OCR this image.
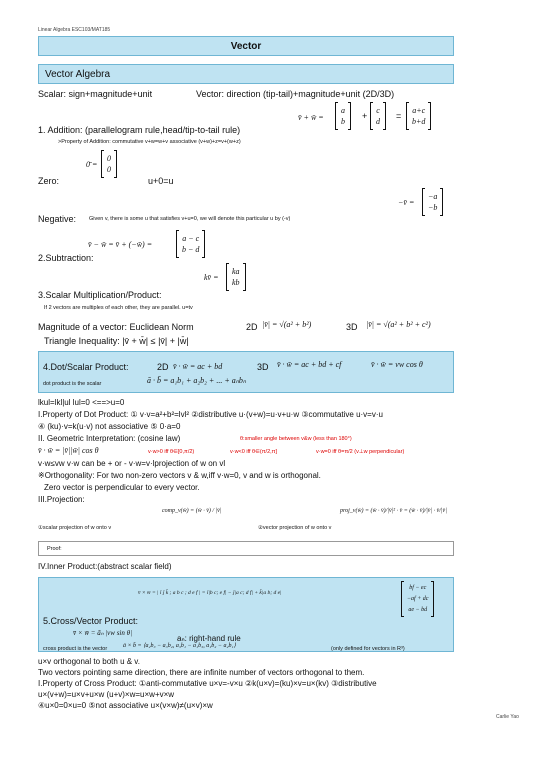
Linear Algebra ESC103/MAT185
Vector
Vector Algebra
Scalar: sign+magnitude+unit	Vector: direction (tip-tail)+magnitude+unit (2D/3D)
v̄ + w̄ =
a
b
+
c
d
=
a+c
b+d
1. Addition: (parallelogram rule,head/tip-to-tail rule)
>Property of Addition: commutative v+w=w+v associative (v+w)+z=v+(w+z)
0̄ =
0
0
Zero:	u+0=u
−v̄ =
−a
−b
Negative: Given v, there is some u that satisfies v+u=0, we will denote this particular u by (-v)
v̄ − w̄ = v̄ + (−w̄) =
a − c
b − d
2.Subtraction:
kv̄ =
ka
kb
3.Scalar Multiplication/Product:
If 2 vectors are multiples of each other, they are parallel. u=tv
Magnitude of a vector: Euclidean Norm	2D |v̄| = √(a² + b²)	3D |v̄| = √(a² + b² + c²)
Triangle Inequality: |v̄ + w̄| ≤ |v̄| + |w̄|
4.Dot/Scalar Product:	2D v̄ · w̄ = ac + bd	3D v̄ · w̄ = ac + bd + cf	v̄ · w̄ = vw cos θ
dot product is the scalar	ā · b̄ = a₁b₁ + a₂b₂ + ... + aₙbₙ
lkul=lkl|ul lul=0 <==>u=0
I.Property of Dot Product: ① v·v=a²+b²=lvl² ②distributive u·(v+w)=u·v+u·w ③commutative u·v=v·u
④ (ku)·v=k(u·v) not associative ⑤ 0·a=0
II. Geometric Interpretation: (cosine law)	θ:smaller angle between v&w (less than 180°)
v̄ · w̄ = |v̄||w̄| cos θ	v·w>0 iff θ∈[0,π/2)	v·w<0 iff θ∈(π/2,π]	v·w=0 iff θ=π/2 (v⊥w perpendicular)
v·w≤vw v·w can be + or - v·w=v·lprojection of w on vl
※Orthogonality: For two non-zero vectors v & w,iff v·w=0, v and w is orthogonal.
Zero vector is perpendicular to every vector.
III.Projection:
comp_v(w̄) = (w̄ · v̄) / |v̄|
①scalar projection of w onto v	②vector projection of w onto v
proj_v(w̄) = (w̄ · v̄)/|v̄|² · v̄ = (w̄ · v̄)/|v̄| · v̄/|v̄|
Proof:
IV.Inner Product:(abstract scalar field)
v̄ × w̄ = | î ĵ k̂ ; a b c ; d e f | = î|b c; e f| − ĵ|a c; d f| + k̂|a b; d e|
bf − ec
−af + dc
ae − bd
5.Cross/Vector Product:
v̄ × w̄ = āₙ |vw sin θ|
aₙ: right-hand rule
cross product is the vector	ā × b̄ = ⟨a₂b₃ − a₃b₂, a₃b₁ − a₁b₃, a₁b₂ − a₂b₁⟩	(only defined for vectors in R³)
u×v orthogonal to both u & v.
Two vectors pointing same direction, there are infinite number of vectors orthogonal to them.
I.Property of Cross Product: ①anti-commutative u×v=-v×u ②k(u×v)=(ku)×v=u×(kv) ③distributive
u×(v+w)=u×v+u×w (u+v)×w=u×w+v×w
④u×0=0×u=0 ⑤not associative u×(v×w)≠(u×v)×w
Carlie Yao
